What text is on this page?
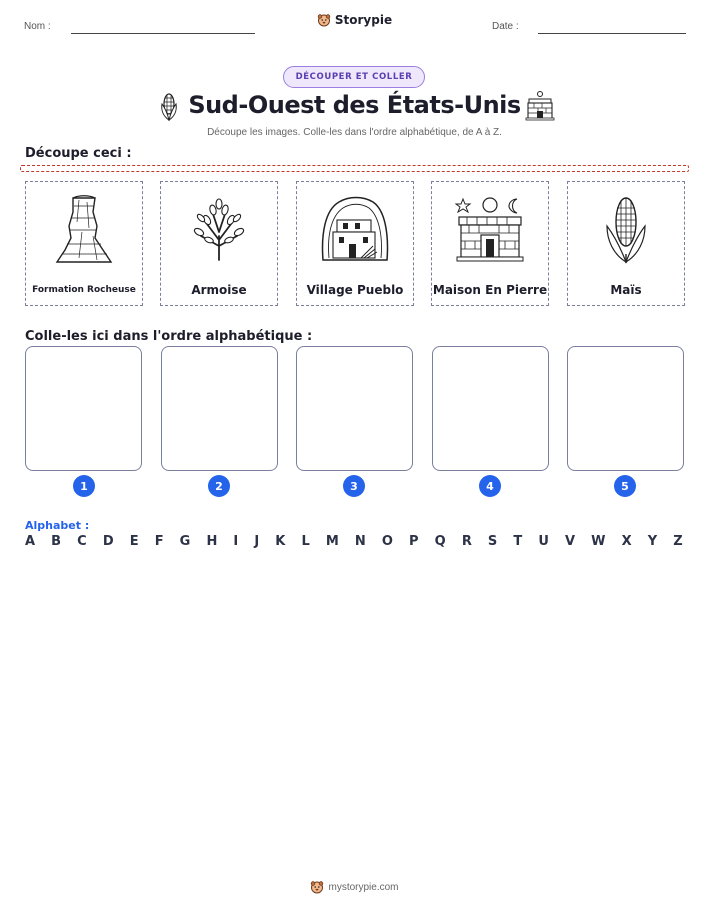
Nom :	Storypie	Date :
DÉCOUPER ET COLLER
Sud-Ouest des États-Unis
Découpe les images. Colle-les dans l'ordre alphabétique, de A à Z.
Découpe ceci :
Formation Rocheuse	Armoise	Village Pueblo	Maison En Pierre	Maïs
Colle-les ici dans l'ordre alphabétique :
1	2	3	4	5
Alphabet :
A B C D E F G H I J K L M N O P Q R S T U V W X Y Z
mystorypie.com
